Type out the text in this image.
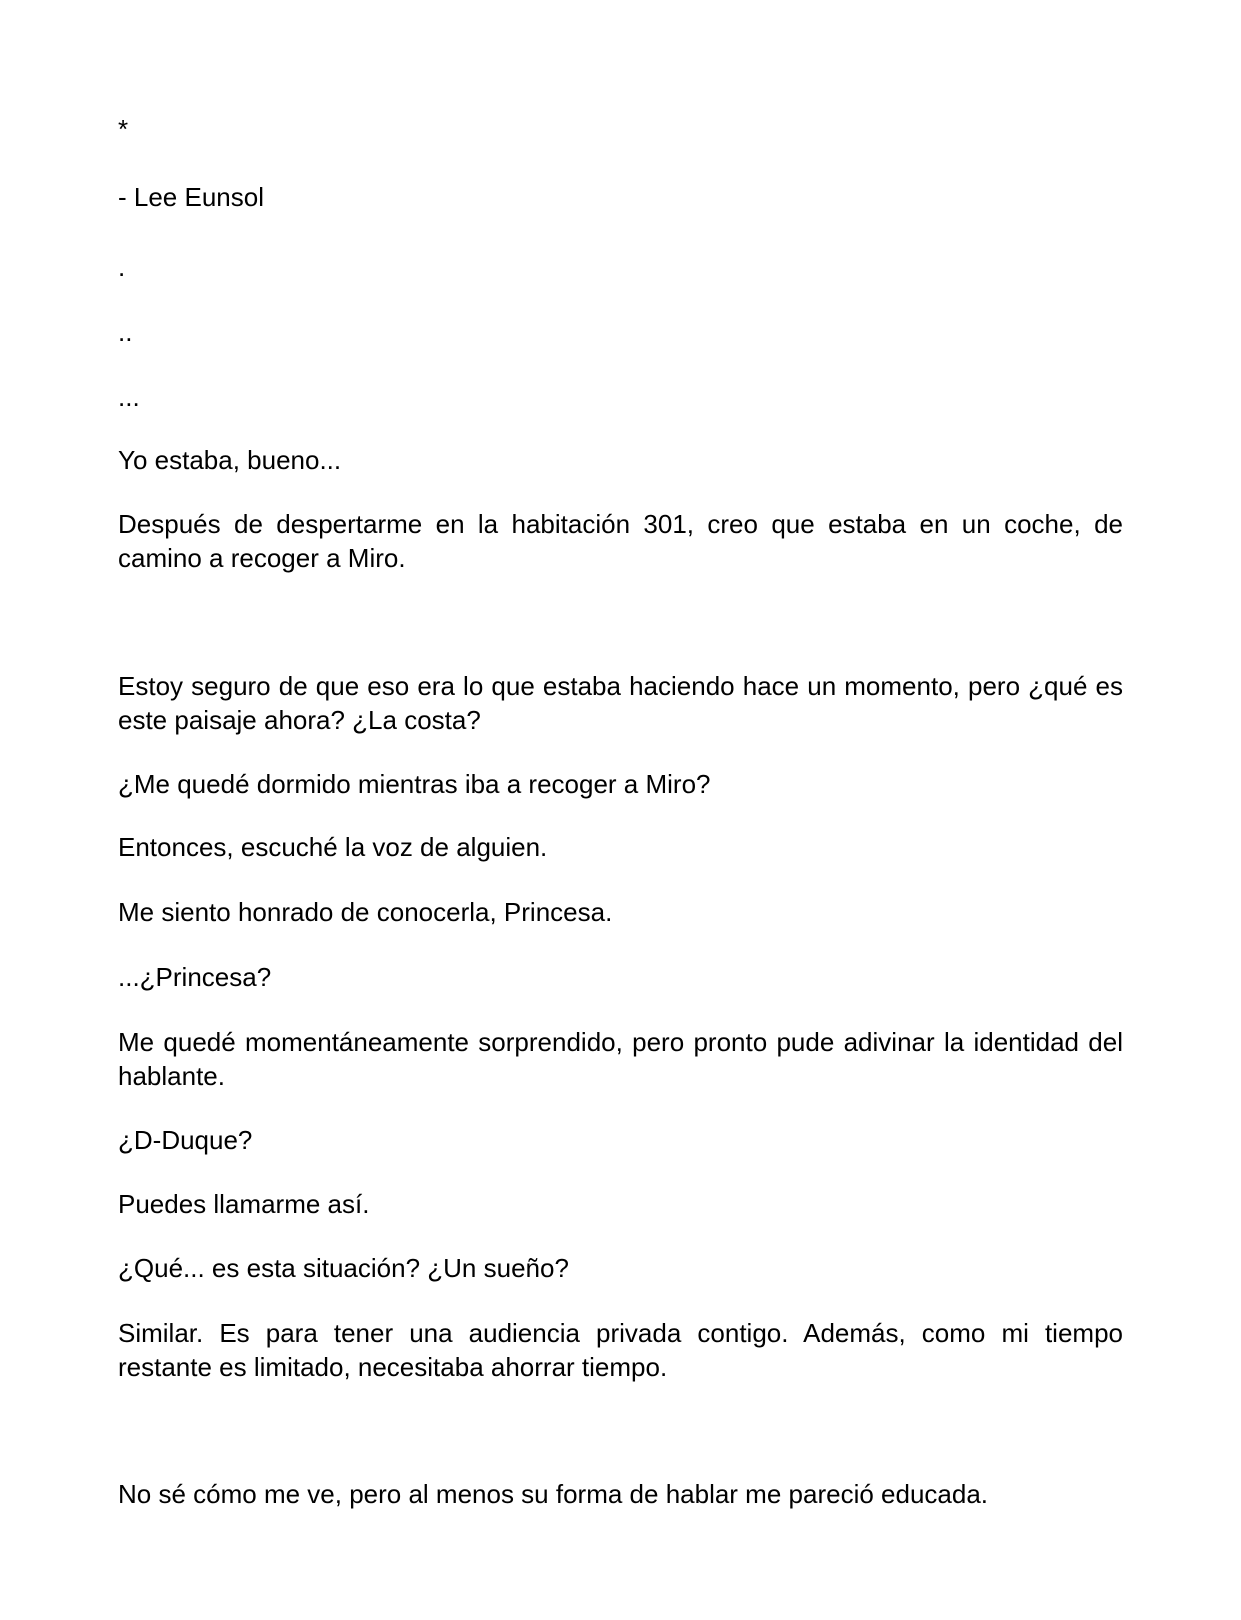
*

- Lee Eunsol

.

..

...

Yo estaba, bueno...

Después de despertarme en la habitación 301, creo que estaba en un coche, de camino a recoger a Miro.

Estoy seguro de que eso era lo que estaba haciendo hace un momento, pero ¿qué es este paisaje ahora? ¿La costa?

¿Me quedé dormido mientras iba a recoger a Miro?

Entonces, escuché la voz de alguien.

Me siento honrado de conocerla, Princesa.

...¿Princesa?

Me quedé momentáneamente sorprendido, pero pronto pude adivinar la identidad del hablante.

¿D-Duque?

Puedes llamarme así.

¿Qué... es esta situación? ¿Un sueño?

Similar. Es para tener una audiencia privada contigo. Además, como mi tiempo restante es limitado, necesitaba ahorrar tiempo.

No sé cómo me ve, pero al menos su forma de hablar me pareció educada.
